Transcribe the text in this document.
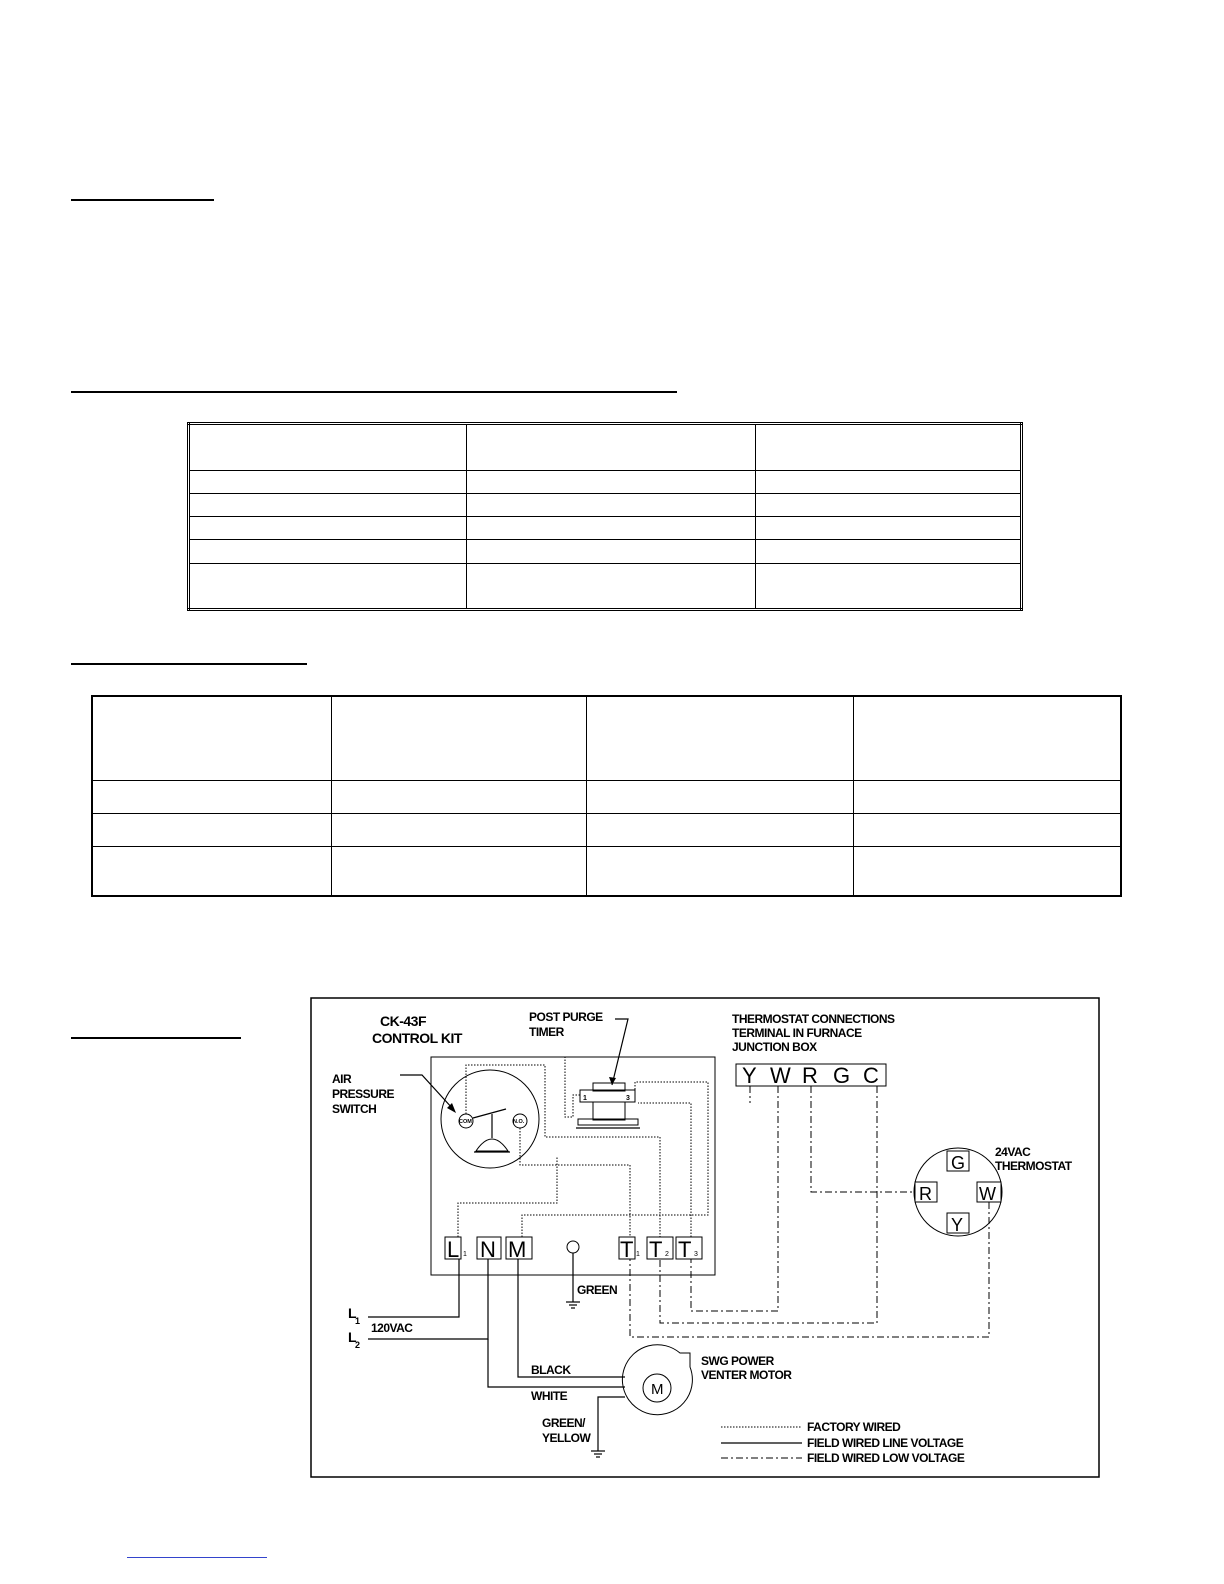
CK-43F
CONTROL KIT
POST PURGE
TIMER
THERMOSTAT CONNECTIONS
TERMINAL IN FURNACE
JUNCTION BOX
AIR
PRESSURE
SWITCH
COM	N.O.
1	3
L 1 N M	T 1 T 2 T 3
GREEN
L
1
L
2
120VAC
BLACK
WHITE	M
SWG POWER
VENTER MOTOR
GREEN/
YELLOW
Y W R G C
G
R	W
Y
24VAC
THERMOSTAT
FACTORY WIRED
FIELD WIRED LINE VOLTAGE
FIELD WIRED LOW VOLTAGE
